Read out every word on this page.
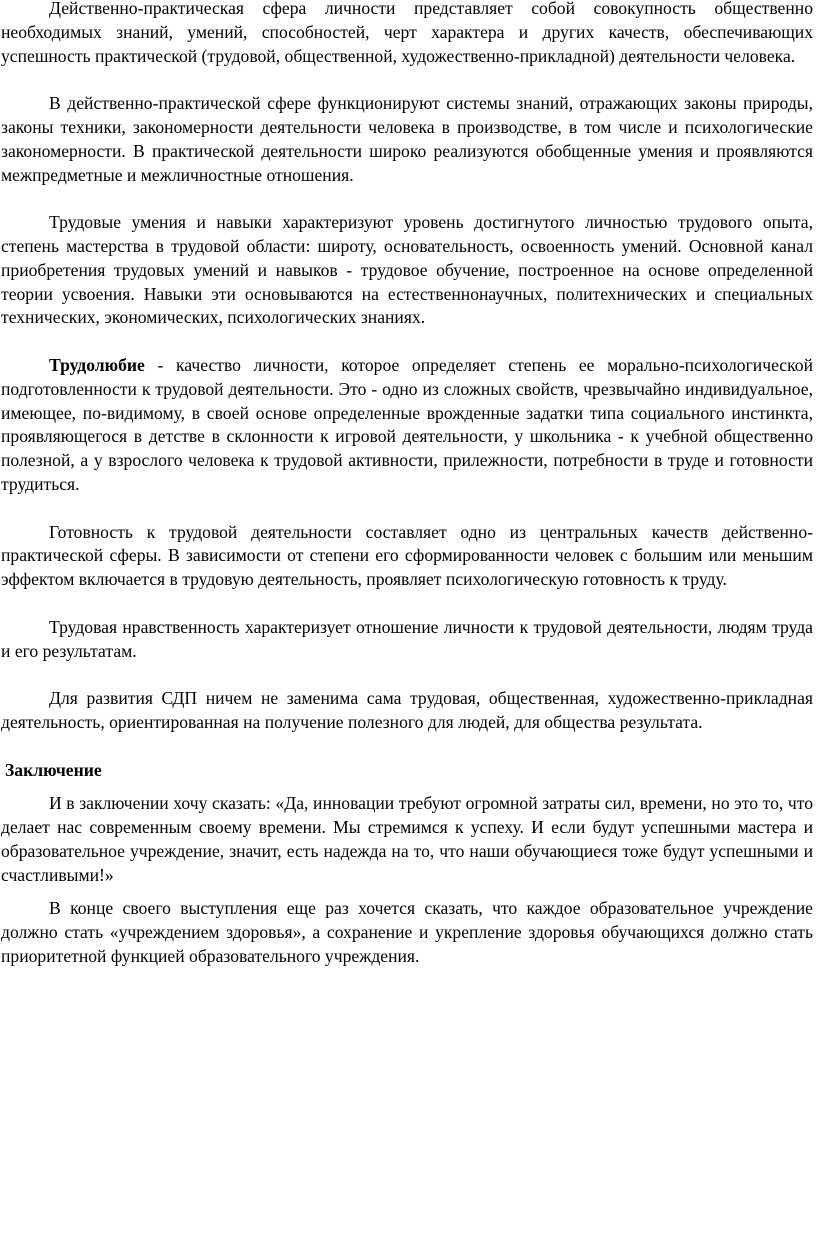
Действенно-практическая сфера личности представляет собой совокупность общественно необходимых знаний, умений, способностей, черт характера и других качеств, обеспечивающих успешность практической (трудовой, общественной, художественно-прикладной) деятельности человека.

В действенно-практической сфере функционируют системы знаний, отражающих законы природы, законы техники, закономерности деятельности человека в производстве, в том числе и психологические закономерности. В практической деятельности широко реализуются обобщенные умения и проявляются межпредметные и межличностные отношения.

Трудовые умения и навыки характеризуют уровень достигнутого личностью трудового опыта, степень мастерства в трудовой области: широту, основательность, освоенность умений. Основной канал приобретения трудовых умений и навыков - трудовое обучение, построенное на основе определенной теории усвоения. Навыки эти основываются на естественнонаучных, политехнических и специальных технических, экономических, психологических знаниях.

Трудолюбие - качество личности, которое определяет степень ее морально-психологической подготовленности к трудовой деятельности. Это - одно из сложных свойств, чрезвычайно индивидуальное, имеющее, по-видимому, в своей основе определенные врожденные задатки типа социального инстинкта, проявляющегося в детстве в склонности к игровой деятельности, у школьника - к учебной общественно полезной, а у взрослого человека к трудовой активности, прилежности, потребности в труде и готовности трудиться.

Готовность к трудовой деятельности составляет одно из центральных качеств действенно-практической сферы. В зависимости от степени его сформированности человек с большим или меньшим эффектом включается в трудовую деятельность, проявляет психологическую готовность к труду.

Трудовая нравственность характеризует отношение личности к трудовой деятельности, людям труда и его результатам.

Для развития СДП ничем не заменима сама трудовая, общественная, художественно-прикладная деятельность, ориентированная на получение полезного для людей, для общества результата.

Заключение

И в заключении хочу сказать: «Да, инновации требуют огромной затраты сил, времени, но это то, что делает нас современным своему времени. Мы стремимся к успеху. И если будут успешными мастера и образовательное учреждение, значит, есть надежда на то, что наши обучающиеся тоже будут успешными и счастливыми!»

В конце своего выступления еще раз хочется сказать, что каждое образовательное учреждение должно стать «учреждением здоровья», а сохранение и укрепление здоровья обучающихся должно стать приоритетной функцией образовательного учреждения.
